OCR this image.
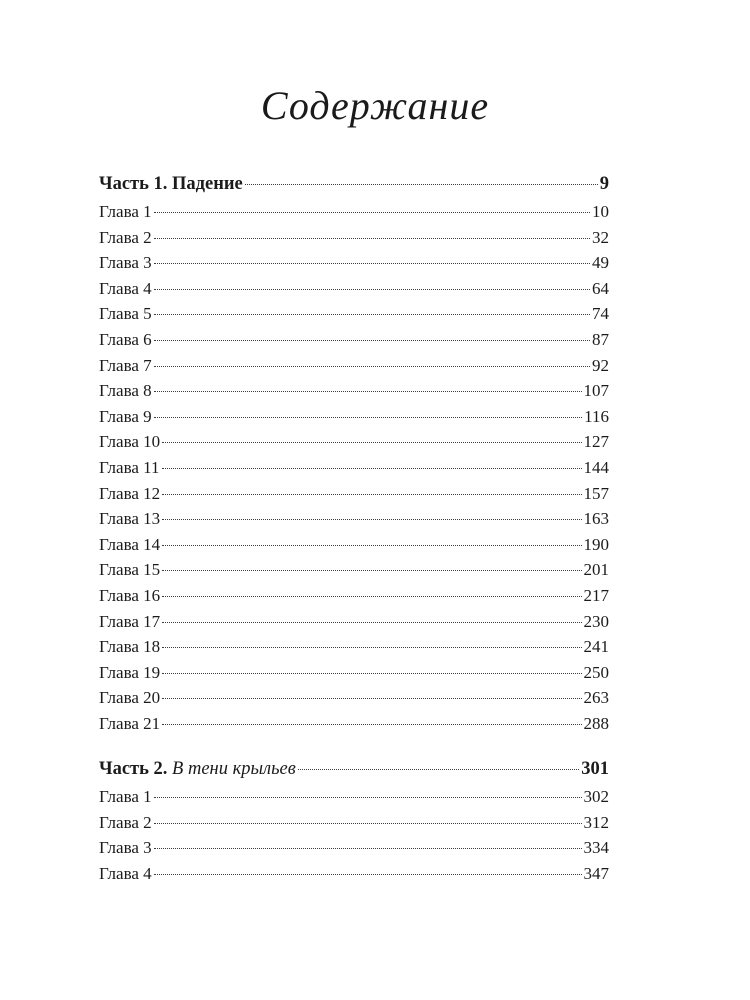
Содержание
Часть 1. Падение	9
Глава 1	10
Глава 2	32
Глава 3	49
Глава 4	64
Глава 5	74
Глава 6	87
Глава 7	92
Глава 8	107
Глава 9	116
Глава 10	127
Глава 11	144
Глава 12	157
Глава 13	163
Глава 14	190
Глава 15	201
Глава 16	217
Глава 17	230
Глава 18	241
Глава 19	250
Глава 20	263
Глава 21	288
Часть 2. В тени крыльев	301
Глава 1	302
Глава 2	312
Глава 3	334
Глава 4	347
